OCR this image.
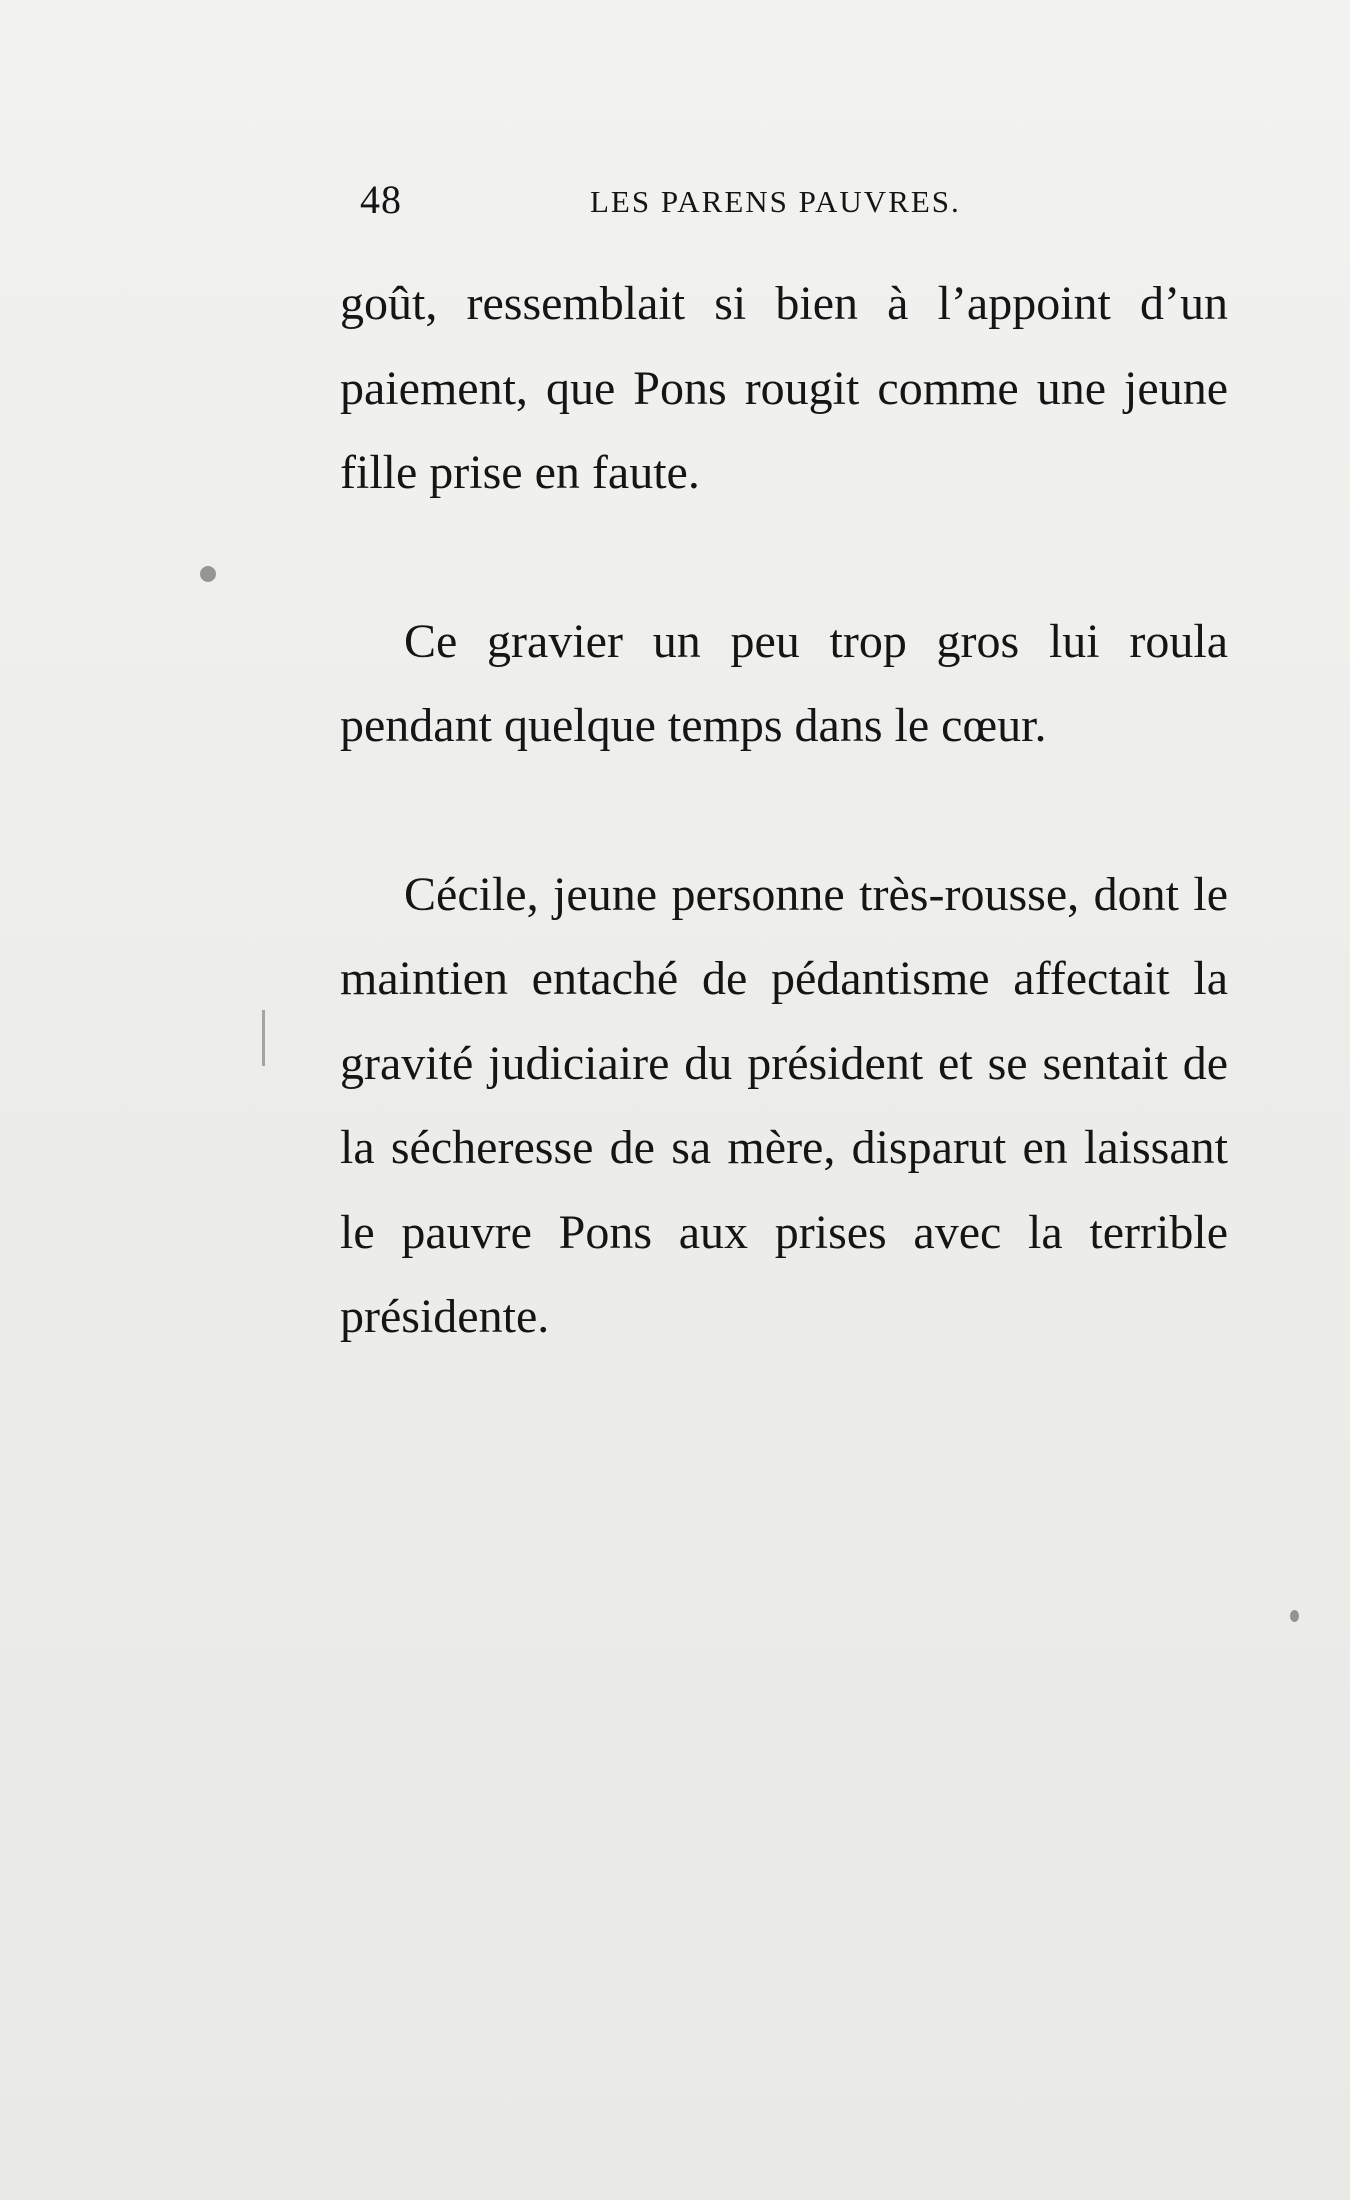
48	LES PARENS PAUVRES.

goût, ressemblait si bien à l’appoint d’un paiement, que Pons rougit comme une jeune fille prise en faute.

Ce gravier un peu trop gros lui roula pendant quelque temps dans le cœur.

Cécile, jeune personne très-rousse, dont le maintien entaché de pédantisme affectait la gravité judiciaire du président et se sentait de la sécheresse de sa mère, disparut en laissant le pauvre Pons aux prises avec la terrible présidente.
